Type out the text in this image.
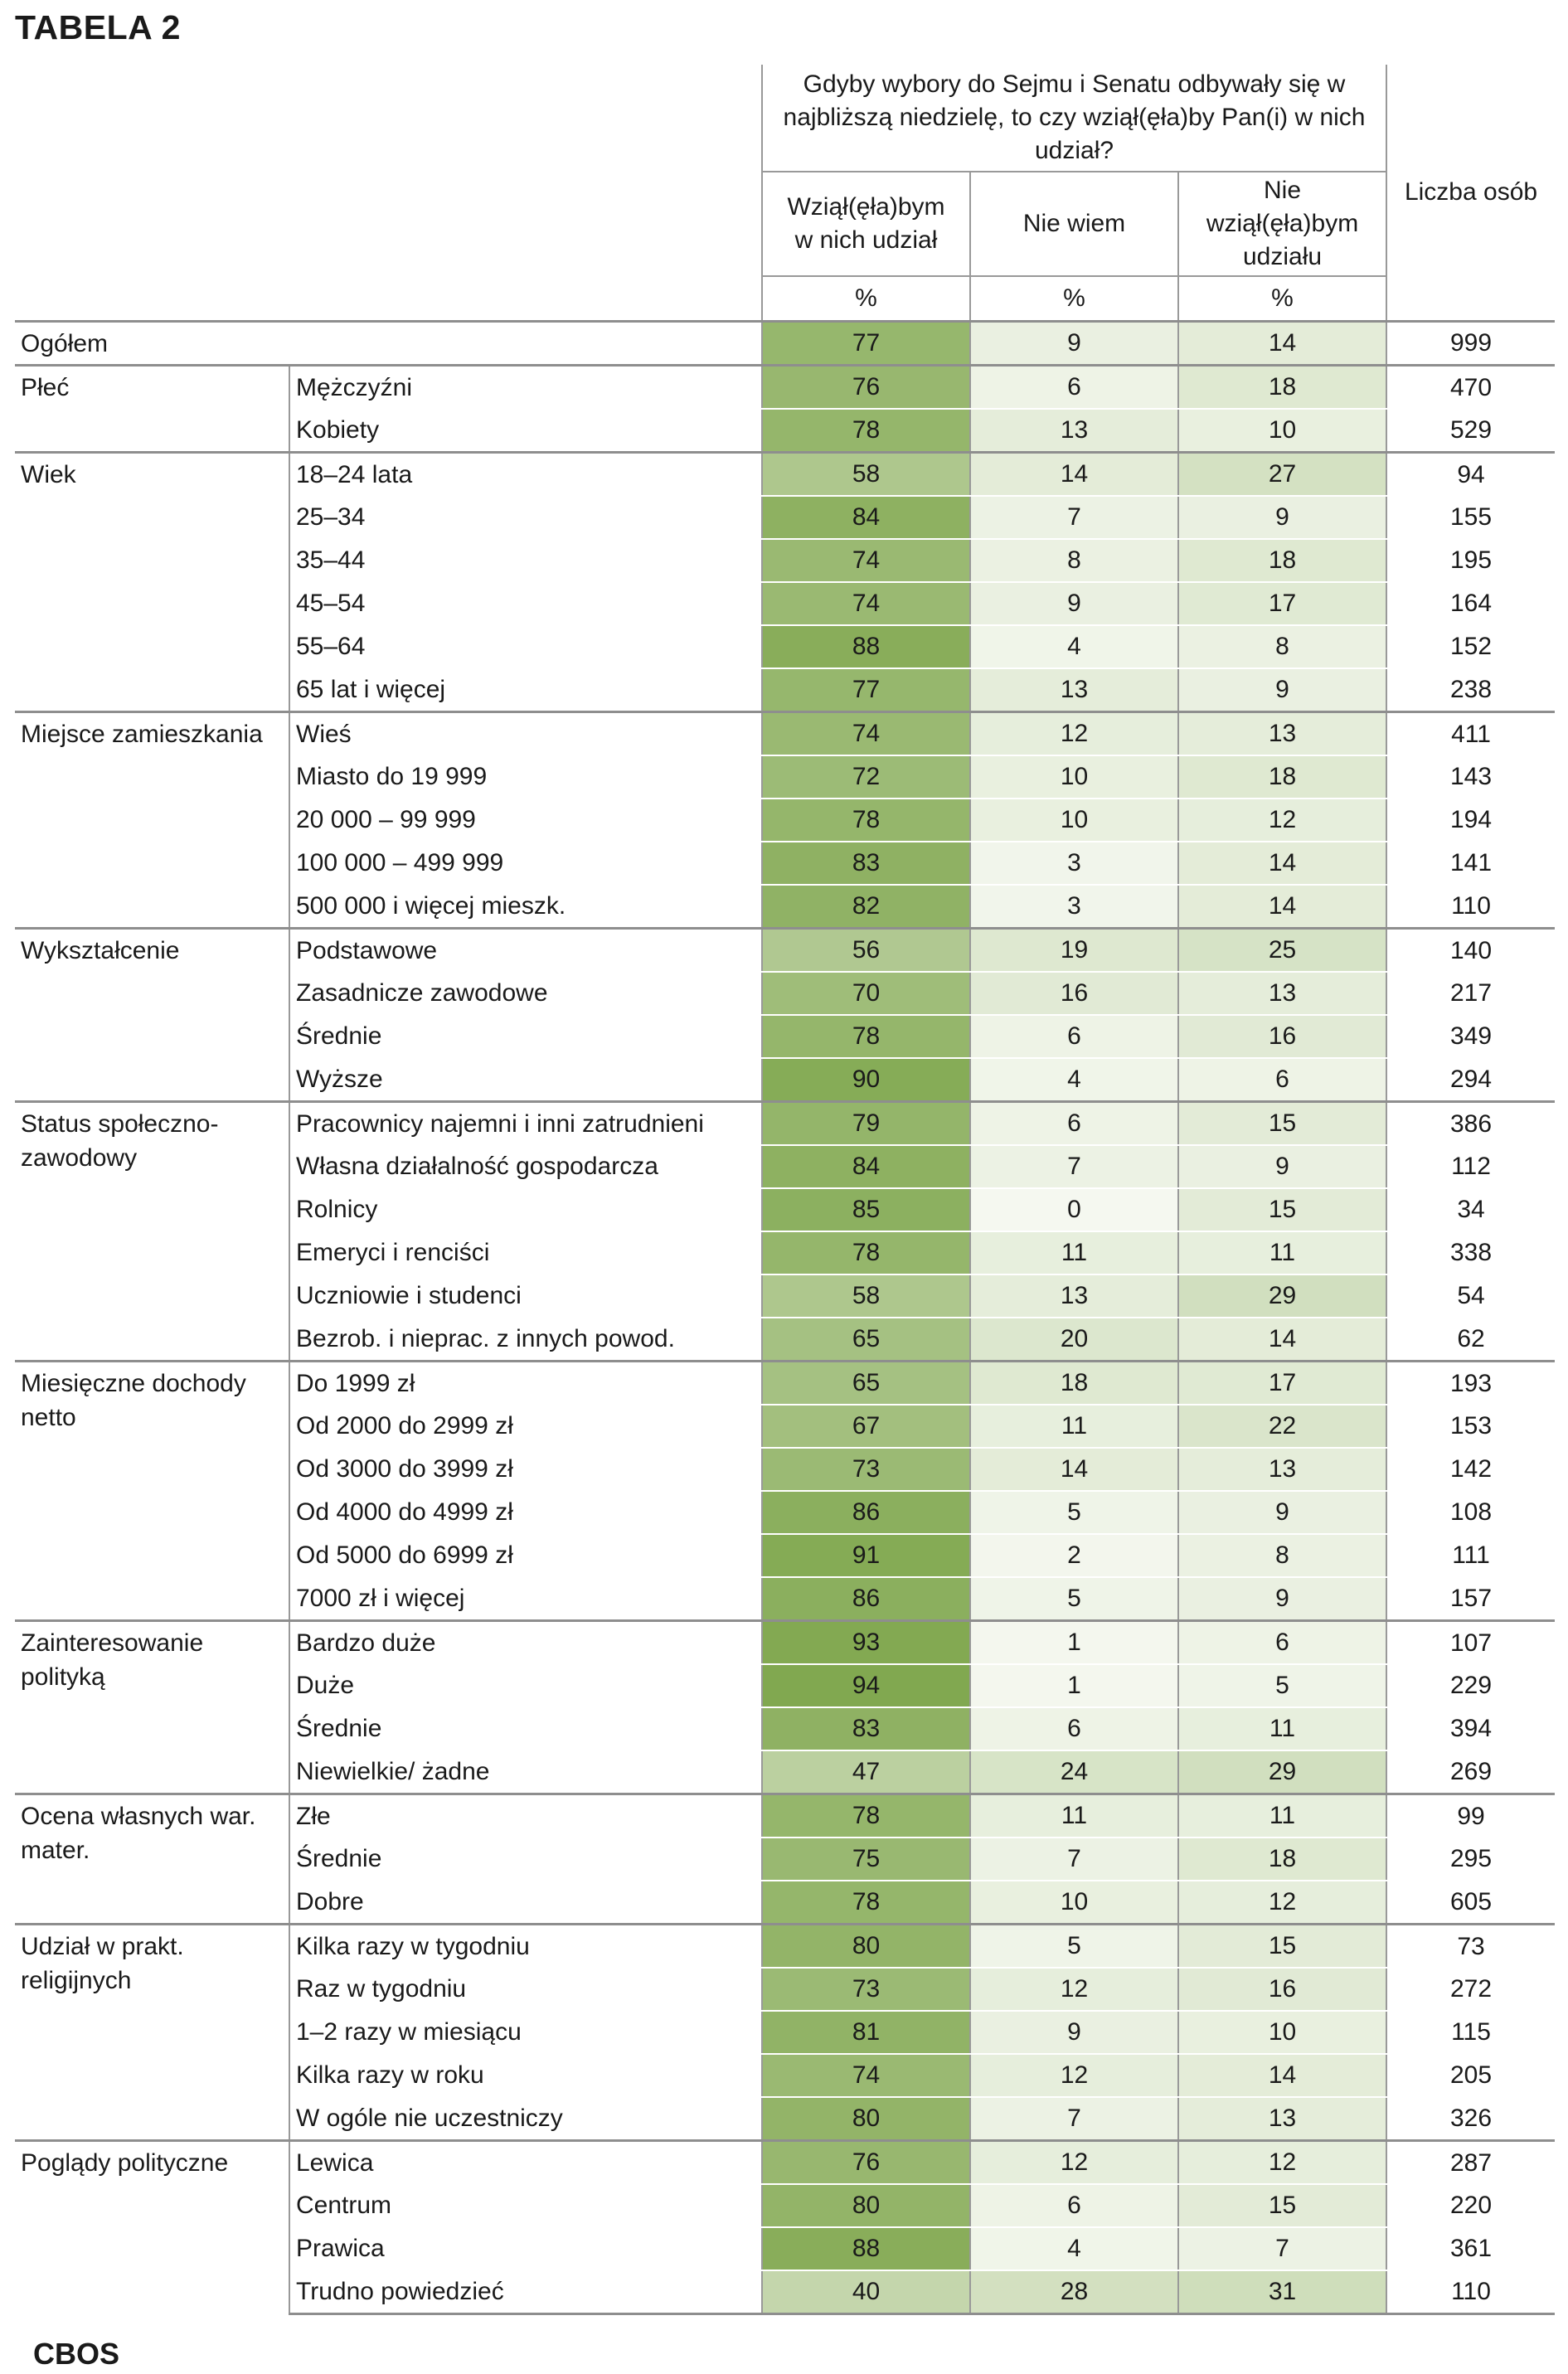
TABELA 2
		Gdyby wybory do Sejmu i Senatu odbywały się w najbliższą niedzielę, to czy wziął(ęła)by Pan(i) w nich udział?			Liczba osób
		Wziął(ęła)bym w nich udział	Nie wiem	Nie wziął(ęła)bym udziału	
		%	%	%	
Ogółem		77	9	14	999
Płeć	Mężczyźni	76	6	18	470
	Kobiety	78	13	10	529
Wiek	18–24 lata	58	14	27	94
	25–34	84	7	9	155
	35–44	74	8	18	195
	45–54	74	9	17	164
	55–64	88	4	8	152
	65 lat i więcej	77	13	9	238
Miejsce zamieszkania	Wieś	74	12	13	411
	Miasto do 19 999	72	10	18	143
	20 000 – 99 999	78	10	12	194
	100 000 – 499 999	83	3	14	141
	500 000 i więcej mieszk.	82	3	14	110
Wykształcenie	Podstawowe	56	19	25	140
	Zasadnicze zawodowe	70	16	13	217
	Średnie	78	6	16	349
	Wyższe	90	4	6	294
Status społeczno-zawodowy	Pracownicy najemni i inni zatrudnieni	79	6	15	386
	Własna działalność gospodarcza	84	7	9	112
	Rolnicy	85	0	15	34
	Emeryci i renciści	78	11	11	338
	Uczniowie i studenci	58	13	29	54
	Bezrob. i nieprac. z innych powod.	65	20	14	62
Miesięczne dochody netto	Do 1999 zł	65	18	17	193
	Od 2000 do 2999 zł	67	11	22	153
	Od 3000 do 3999 zł	73	14	13	142
	Od 4000 do 4999 zł	86	5	9	108
	Od 5000 do 6999 zł	91	2	8	111
	7000 zł i więcej	86	5	9	157
Zainteresowanie polityką	Bardzo duże	93	1	6	107
	Duże	94	1	5	229
	Średnie	83	6	11	394
	Niewielkie/ żadne	47	24	29	269
Ocena własnych war. mater.	Złe	78	11	11	99
	Średnie	75	7	18	295
	Dobre	78	10	12	605
Udział w prakt. religijnych	Kilka razy w tygodniu	80	5	15	73
	Raz w tygodniu	73	12	16	272
	1–2 razy w miesiącu	81	9	10	115
	Kilka razy w roku	74	12	14	205
	W ogóle nie uczestniczy	80	7	13	326
Poglądy polityczne	Lewica	76	12	12	287
	Centrum	80	6	15	220
	Prawica	88	4	7	361
	Trudno powiedzieć	40	28	31	110
CBOS
